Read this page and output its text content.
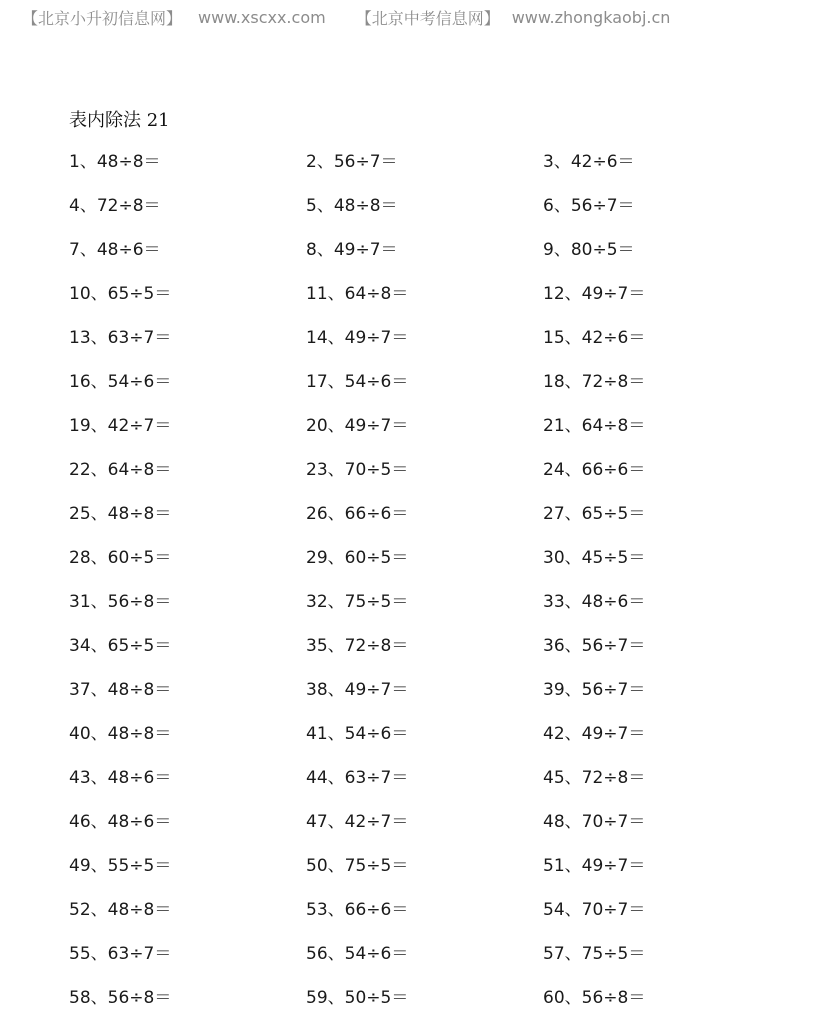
【北京小升初信息网】 www.xscxx.com 【北京中考信息网】 www.zhongkaobj.cn
表内除法 21
1、48÷8＝	2、56÷7＝	3、42÷6＝
4、72÷8＝	5、48÷8＝	6、56÷7＝
7、48÷6＝	8、49÷7＝	9、80÷5＝
10、65÷5＝	11、64÷8＝	12、49÷7＝
13、63÷7＝	14、49÷7＝	15、42÷6＝
16、54÷6＝	17、54÷6＝	18、72÷8＝
19、42÷7＝	20、49÷7＝	21、64÷8＝
22、64÷8＝	23、70÷5＝	24、66÷6＝
25、48÷8＝	26、66÷6＝	27、65÷5＝
28、60÷5＝	29、60÷5＝	30、45÷5＝
31、56÷8＝	32、75÷5＝	33、48÷6＝
34、65÷5＝	35、72÷8＝	36、56÷7＝
37、48÷8＝	38、49÷7＝	39、56÷7＝
40、48÷8＝	41、54÷6＝	42、49÷7＝
43、48÷6＝	44、63÷7＝	45、72÷8＝
46、48÷6＝	47、42÷7＝	48、70÷7＝
49、55÷5＝	50、75÷5＝	51、49÷7＝
52、48÷8＝	53、66÷6＝	54、70÷7＝
55、63÷7＝	56、54÷6＝	57、75÷5＝
58、56÷8＝	59、50÷5＝	60、56÷8＝
